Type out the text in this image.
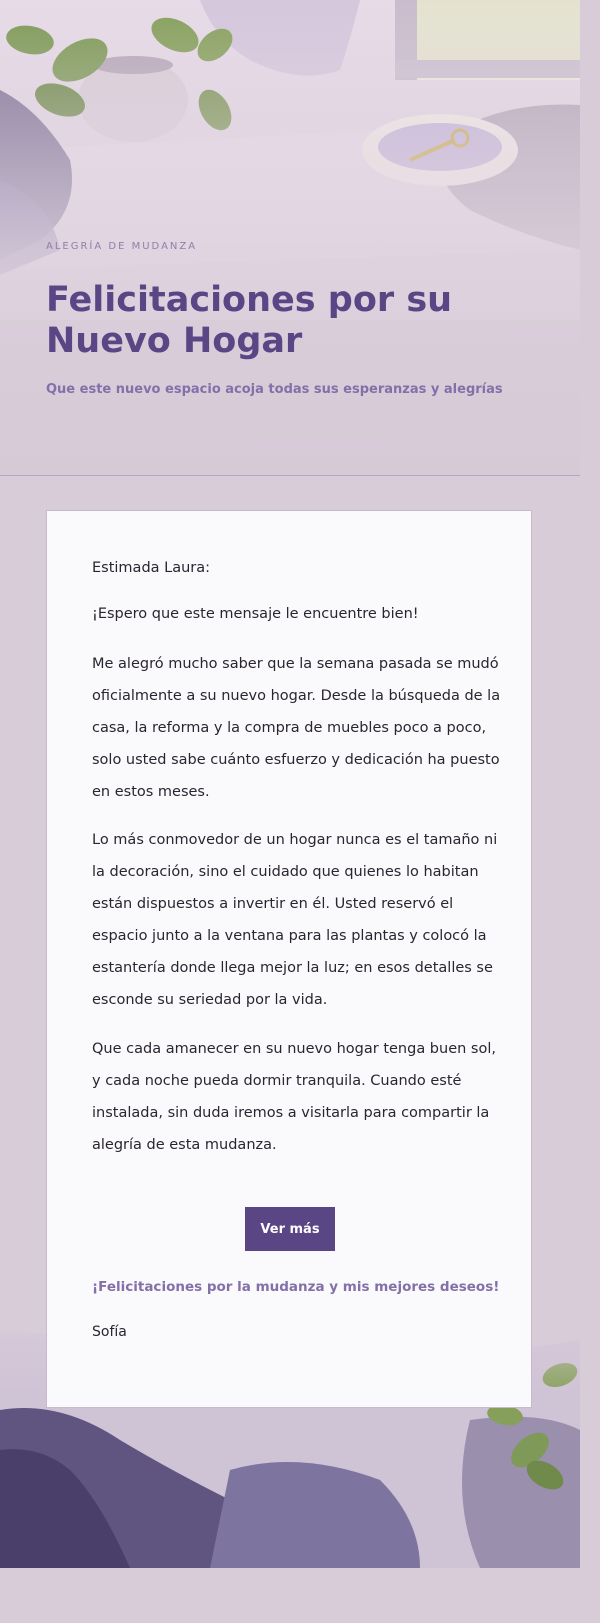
ALEGRÍA DE MUDANZA

Felicitaciones por su Nuevo Hogar

Que este nuevo espacio acoja todas sus esperanzas y alegrías

Estimada Laura:

¡Espero que este mensaje le encuentre bien!

Me alegró mucho saber que la semana pasada se mudó oficialmente a su nuevo hogar. Desde la búsqueda de la casa, la reforma y la compra de muebles poco a poco, solo usted sabe cuánto esfuerzo y dedicación ha puesto en estos meses.

Lo más conmovedor de un hogar nunca es el tamaño ni la decoración, sino el cuidado que quienes lo habitan están dispuestos a invertir en él. Usted reservó el espacio junto a la ventana para las plantas y colocó la estantería donde llega mejor la luz; en esos detalles se esconde su seriedad por la vida.

Que cada amanecer en su nuevo hogar tenga buen sol, y cada noche pueda dormir tranquila. Cuando esté instalada, sin duda iremos a visitarla para compartir la alegría de esta mudanza.

Ver más

¡Felicitaciones por la mudanza y mis mejores deseos!

Sofía
